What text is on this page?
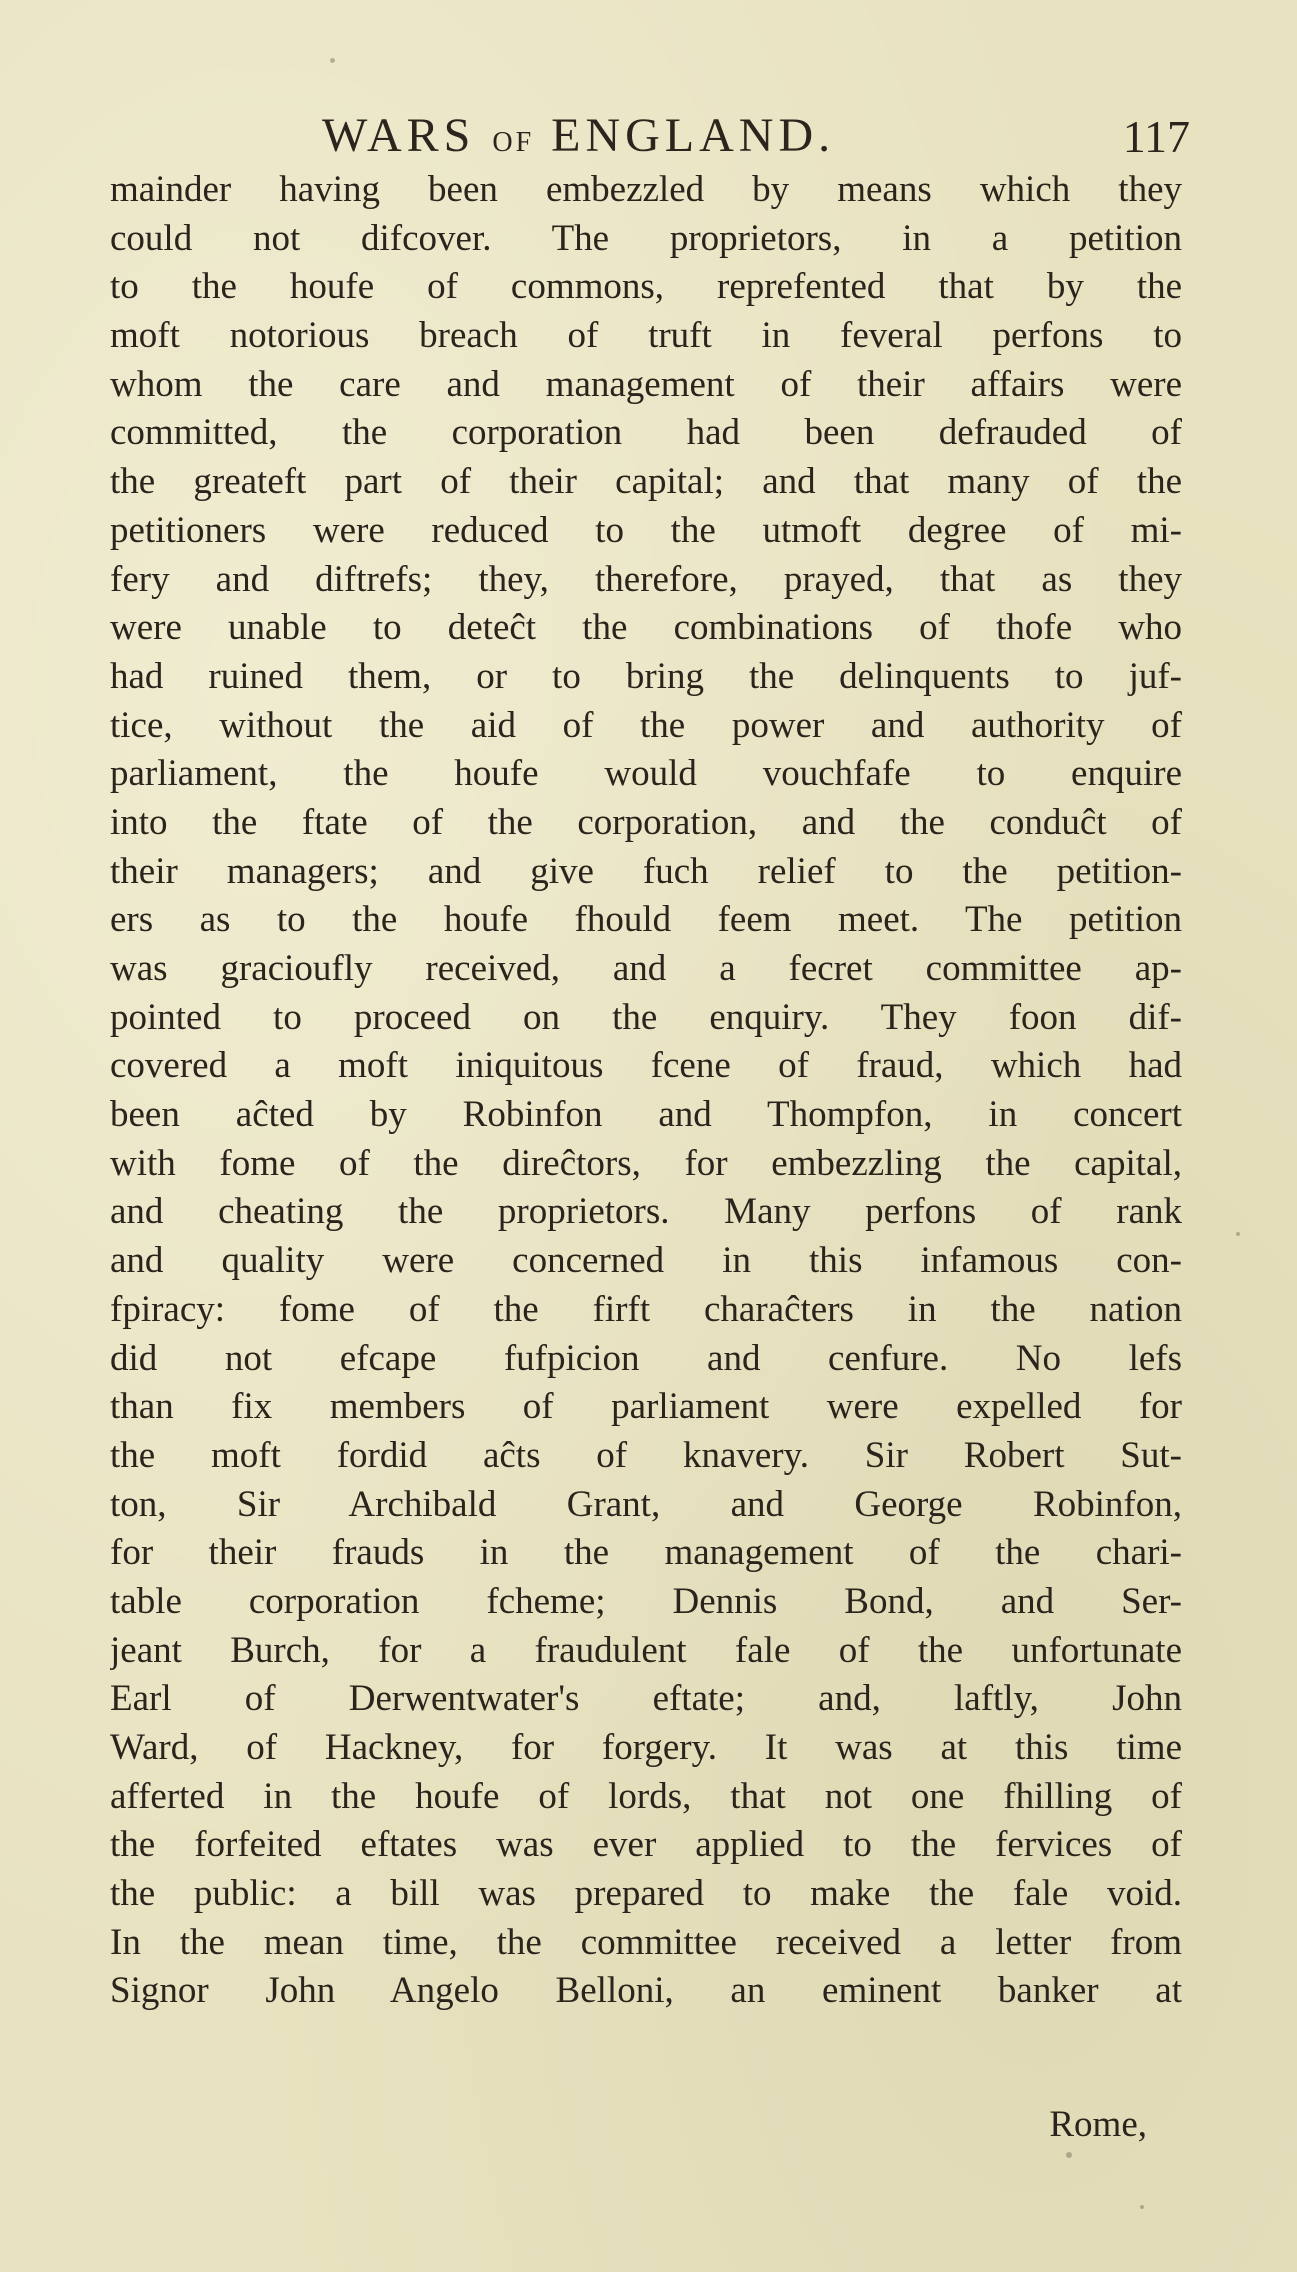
WARS OF ENGLAND.	117
mainder having been embezzled by means which they
could not difcover. The proprietors, in a petition
to the houfe of commons, reprefented that by the
moft notorious breach of truft in feveral perfons to
whom the care and management of their affairs were
committed, the corporation had been defrauded of
the greateft part of their capital; and that many of the
petitioners were reduced to the utmoft degree of mi-
fery and diftrefs; they, therefore, prayed, that as they
were unable to deteĉt the combinations of thofe who
had ruined them, or to bring the delinquents to juf-
tice, without the aid of the power and authority of
parliament, the houfe would vouchfafe to enquire
into the ftate of the corporation, and the conduĉt of
their managers; and give fuch relief to the petition-
ers as to the houfe fhould feem meet. The petition
was gracioufly received, and a fecret committee ap-
pointed to proceed on the enquiry. They foon dif-
covered a moft iniquitous fcene of fraud, which had
been aĉted by Robinfon and Thompfon, in concert
with fome of the direĉtors, for embezzling the capital,
and cheating the proprietors. Many perfons of rank
and quality were concerned in this infamous con-
fpiracy: fome of the firft charaĉters in the nation
did not efcape fufpicion and cenfure. No lefs
than fix members of parliament were expelled for
the moft fordid aĉts of knavery. Sir Robert Sut-
ton, Sir Archibald Grant, and George Robinfon,
for their frauds in the management of the chari-
table corporation fcheme; Dennis Bond, and Ser-
jeant Burch, for a fraudulent fale of the unfortunate
Earl of Derwentwater's eftate; and, laftly, John
Ward, of Hackney, for forgery. It was at this time
afferted in the houfe of lords, that not one fhilling of
the forfeited eftates was ever applied to the fervices of
the public: a bill was prepared to make the fale void.
In the mean time, the committee received a letter from
Signor John Angelo Belloni, an eminent banker at
Rome,
